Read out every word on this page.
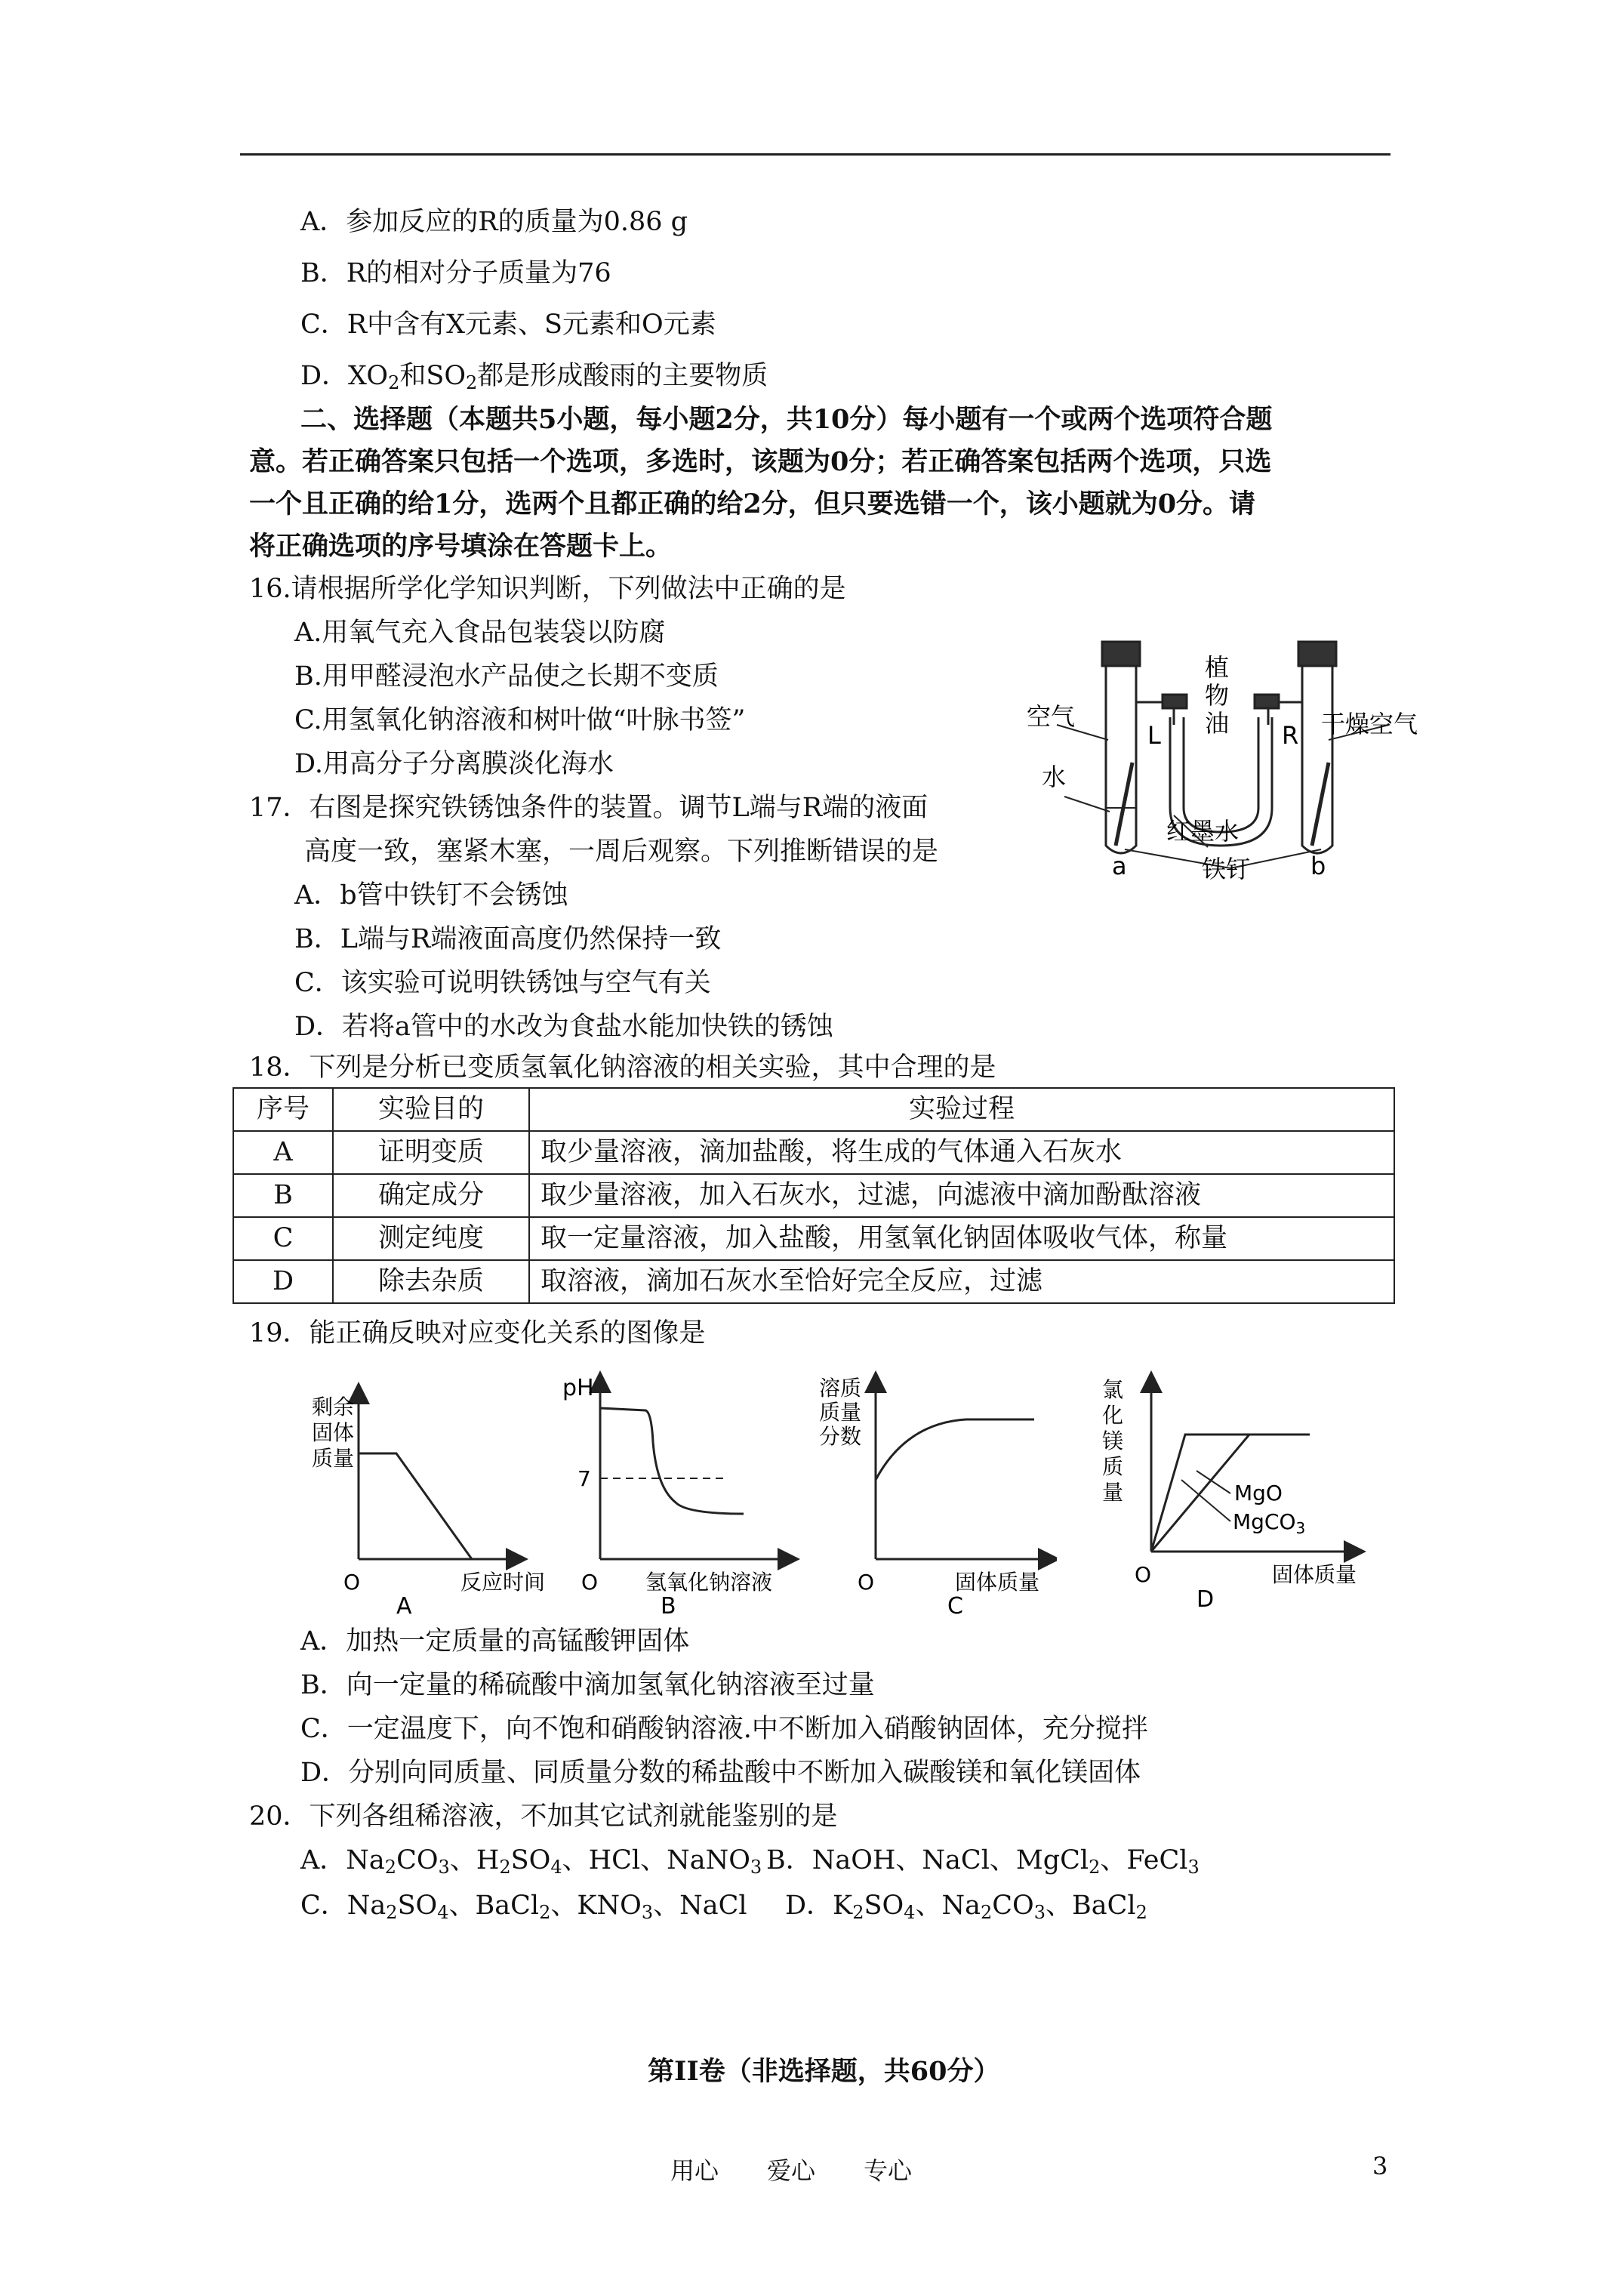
A．参加反应的R的质量为0.86 g
B．R的相对分子质量为76
C．R中含有X元素、S元素和O元素
D．$XO_2$和$SO_2$都是形成酸雨的主要物质
二、选择题（本题共5小题，每小题2分，共10分）每小题有一个或两个选项符合题
意。若正确答案只包括一个选项，多选时，该题为0分；若正确答案包括两个选项，只选
一个且正确的给1分，选两个且都正确的给2分，但只要选错一个，该小题就为0分。请
将正确选项的序号填涂在答题卡上。
16.请根据所学化学知识判断，下列做法中正确的是
A.用氧气充入食品包装袋以防腐
B.用甲醛浸泡水产品使之长期不变质
C.用氢氧化钠溶液和树叶做“叶脉书签”
D.用高分子分离膜淡化海水
植
物
油
空气	干燥空气
水
L	R
红墨水
铁钉
a	b
17．右图是探究铁锈蚀条件的装置。调节L端与R端的液面
高度一致，塞紧木塞，一周后观察。下列推断错误的是
A．b管中铁钉不会锈蚀
B．L端与R端液面高度仍然保持一致
C．该实验可说明铁锈蚀与空气有关
D．若将a管中的水改为食盐水能加快铁的锈蚀
18．下列是分析已变质氢氧化钠溶液的相关实验，其中合理的是
序号	实验目的	实验过程
A	证明变质	取少量溶液，滴加盐酸，将生成的气体通入石灰水
B	确定成分	取少量溶液，加入石灰水，过滤，向滤液中滴加酚酞溶液
C	测定纯度	取一定量溶液，加入盐酸，用氢氧化钠固体吸收气体，称量
D	除去杂质	取溶液，滴加石灰水至恰好完全反应，过滤
19．能正确反映对应变化关系的图像是
剩余
固体
质量
O	反应时间
A
pH
7
O 氢氧化钠溶液
B
溶质
质量
分数
O	固体质量
C
氯
化
镁
质
量	MgO
MgCO$_3$
O	固体质量
D
A．加热一定质量的高锰酸钾固体
B．向一定量的稀硫酸中滴加氢氧化钠溶液至过量
C．一定温度下，向不饱和硝酸钠溶液.中不断加入硝酸钠固体，充分搅拌
D．分别向同质量、同质量分数的稀盐酸中不断加入碳酸镁和氧化镁固体
20．下列各组稀溶液，不加其它试剂就能鉴别的是
A．$Na_2CO_3$、$H_2SO_4$、HCl、NaNO$_3$ B．NaOH、NaCl、MgCl$_2$、FeCl$_3$
C．$Na_2SO_4$、BaCl$_2$、$KNO_3$、NaCl D．$K_2SO_4$、$Na_2CO_3$、BaCl$_2$
第II卷（非选择题，共60分）
用心　　爱心　　专心	3
